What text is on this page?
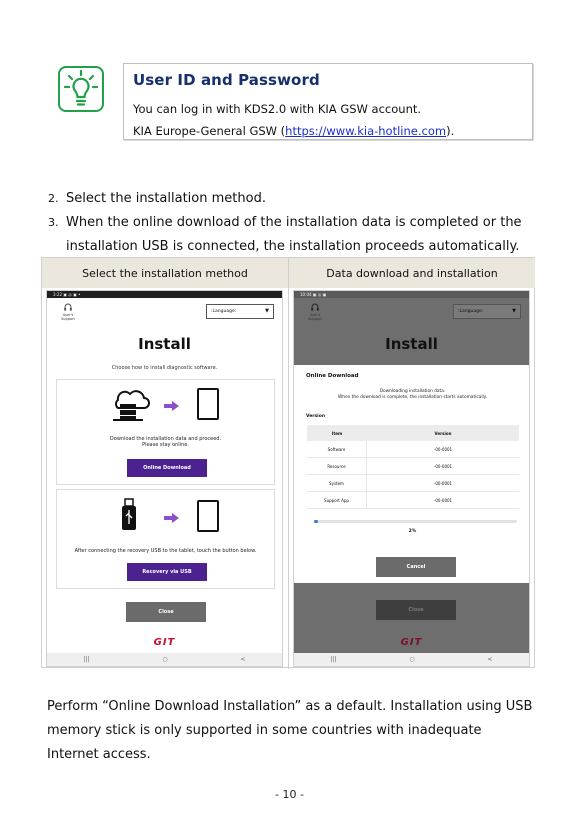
User ID and Password
You can log in with KDS2.0 with KIA GSW account.
KIA Europe-General GSW (https://www.kia-hotline.com).
2. Select the installation method.
3. When the online download of the installation data is completed or the installation USB is connected, the installation proceeds automatically.
Select the installation method	Data download and installation
3:22 ▣ ◎ ▣ •
User's Support
:Language:	▼
Install
Choose how to install diagnostic software.
Download the installation data and proceed.
Please stay online.
Online Download
After connecting the recovery USB to the tablet, touch the button below.
Recovery via USB
Close
GIT
|||	○	<
10:04 ▣ ◎ ▣
User's Support
:Language:	▼
Install
Online Download
Downloading installation data.
When the download is complete, the installation starts automatically.
Version
Item	Version
Software	-00-0001
Resource	-00-0001
System	-00-0001
Support App	-00-0001
2%
Cancel
Close
GIT
|||	○	<
Perform “Online Download Installation” as a default. Installation using USB memory stick is only supported in some countries with inadequate Internet access.
- 10 -
